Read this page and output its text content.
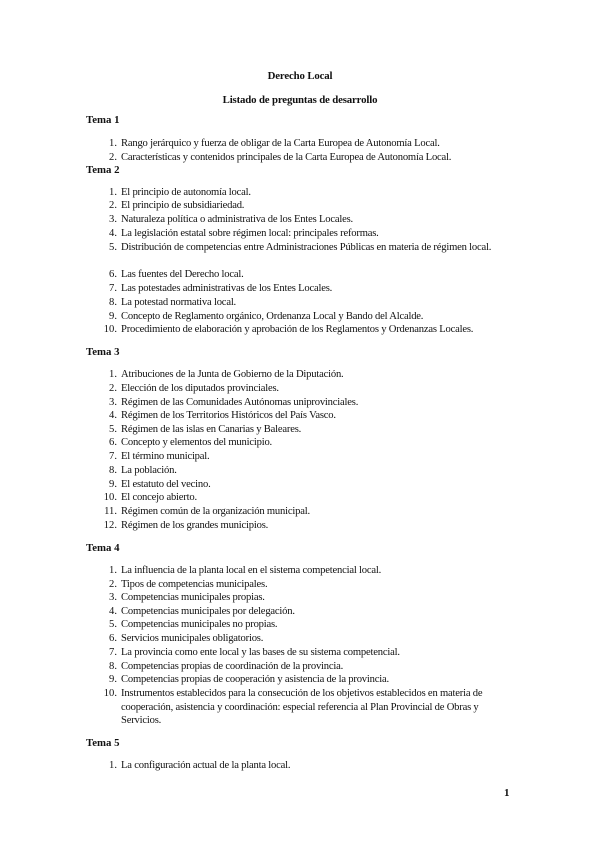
Derecho Local
Listado de preguntas de desarrollo
Tema 1
1. Rango jerárquico y fuerza de obligar de la Carta Europea de Autonomía Local.
2. Características y contenidos principales de la Carta Europea de Autonomía Local.
Tema 2
1. El principio de autonomía local.
2. El principio de subsidiariedad.
3. Naturaleza política o administrativa de los Entes Locales.
4. La legislación estatal sobre régimen local: principales reformas.
5. Distribución de competencias entre Administraciones Públicas en materia de régimen local.
6. Las fuentes del Derecho local.
7. Las potestades administrativas de los Entes Locales.
8. La potestad normativa local.
9. Concepto de Reglamento orgánico, Ordenanza Local y Bando del Alcalde.
10. Procedimiento de elaboración y aprobación de los Reglamentos y Ordenanzas Locales.
Tema 3
1. Atribuciones de la Junta de Gobierno de la Diputación.
2. Elección de los diputados provinciales.
3. Régimen de las Comunidades Autónomas uniprovinciales.
4. Régimen de los Territorios Históricos del País Vasco.
5. Régimen de las islas en Canarias y Baleares.
6. Concepto y elementos del municipio.
7. El término municipal.
8. La población.
9. El estatuto del vecino.
10. El concejo abierto.
11. Régimen común de la organización municipal.
12. Régimen de los grandes municipios.
Tema 4
1. La influencia de la planta local en el sistema competencial local.
2. Tipos de competencias municipales.
3. Competencias municipales propias.
4. Competencias municipales por delegación.
5. Competencias municipales no propias.
6. Servicios municipales obligatorios.
7. La provincia como ente local y las bases de su sistema competencial.
8. Competencias propias de coordinación de la provincia.
9. Competencias propias de cooperación y asistencia de la provincia.
10. Instrumentos establecidos para la consecución de los objetivos establecidos en materia de cooperación, asistencia y coordinación: especial referencia al Plan Provincial de Obras y Servicios.
Tema 5
1. La configuración actual de la planta local.
1
